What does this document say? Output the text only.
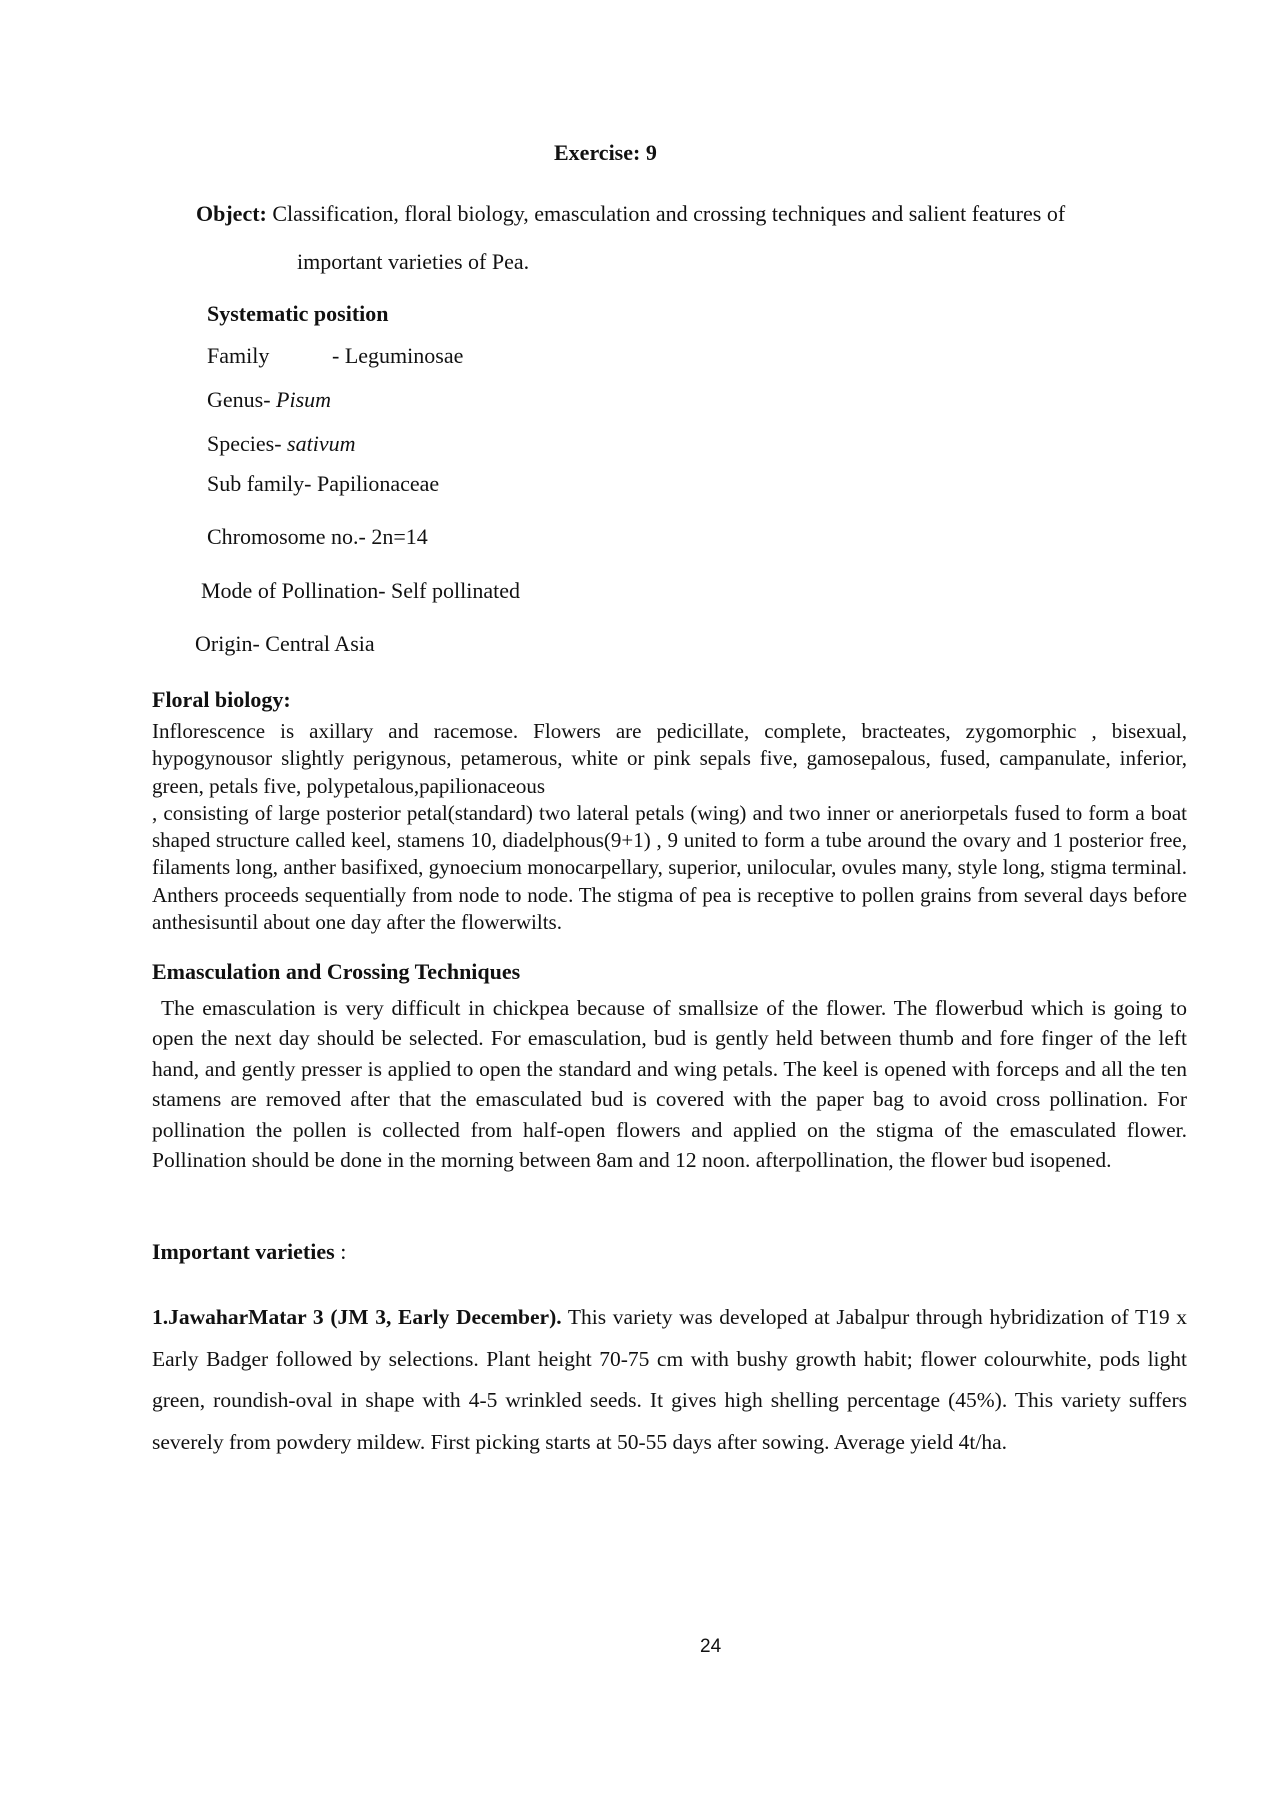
Exercise: 9
Object: Classification, floral biology, emasculation and crossing techniques and salient features of
important varieties of Pea.
Systematic position
Family	- Leguminosae
Genus- Pisum
Species- sativum
Sub family- Papilionaceae
Chromosome no.- 2n=14
Mode of Pollination- Self pollinated
Origin- Central Asia
Floral biology:
Inflorescence is axillary and racemose. Flowers are pedicillate, complete, bracteates, zygomorphic , bisexual, hypogynousor slightly perigynous, petamerous, white or pink sepals five, gamosepalous, fused, campanulate, inferior, green, petals five, polypetalous,papilionaceous
, consisting of large posterior petal(standard) two lateral petals (wing) and two inner or aneriorpetals fused to form a boat shaped structure called keel, stamens 10, diadelphous(9+1) , 9 united to form a tube around the ovary and 1 posterior free, filaments long, anther basifixed, gynoecium monocarpellary, superior, unilocular, ovules many, style long, stigma terminal. Anthers proceeds sequentially from node to node. The stigma of pea is receptive to pollen grains from several days before anthesisuntil about one day after the flowerwilts.
Emasculation and Crossing Techniques
The emasculation is very difficult in chickpea because of smallsize of the flower. The flowerbud which is going to open the next day should be selected. For emasculation, bud is gently held between thumb and fore finger of the left hand, and gently presser is applied to open the standard and wing petals. The keel is opened with forceps and all the ten stamens are removed after that the emasculated bud is covered with the paper bag to avoid cross pollination. For pollination the pollen is collected from half-open flowers and applied on the stigma of the emasculated flower. Pollination should be done in the morning between 8am and 12 noon. afterpollination, the flower bud isopened.
Important varieties :
1.JawaharMatar 3 (JM 3, Early December). This variety was developed at Jabalpur through hybridization of T19 x Early Badger followed by selections. Plant height 70-75 cm with bushy growth habit; flower colourwhite, pods light green, roundish-oval in shape with 4-5 wrinkled seeds. It gives high shelling percentage (45%). This variety suffers severely from powdery mildew. First picking starts at 50-55 days after sowing. Average yield 4t/ha.
24
